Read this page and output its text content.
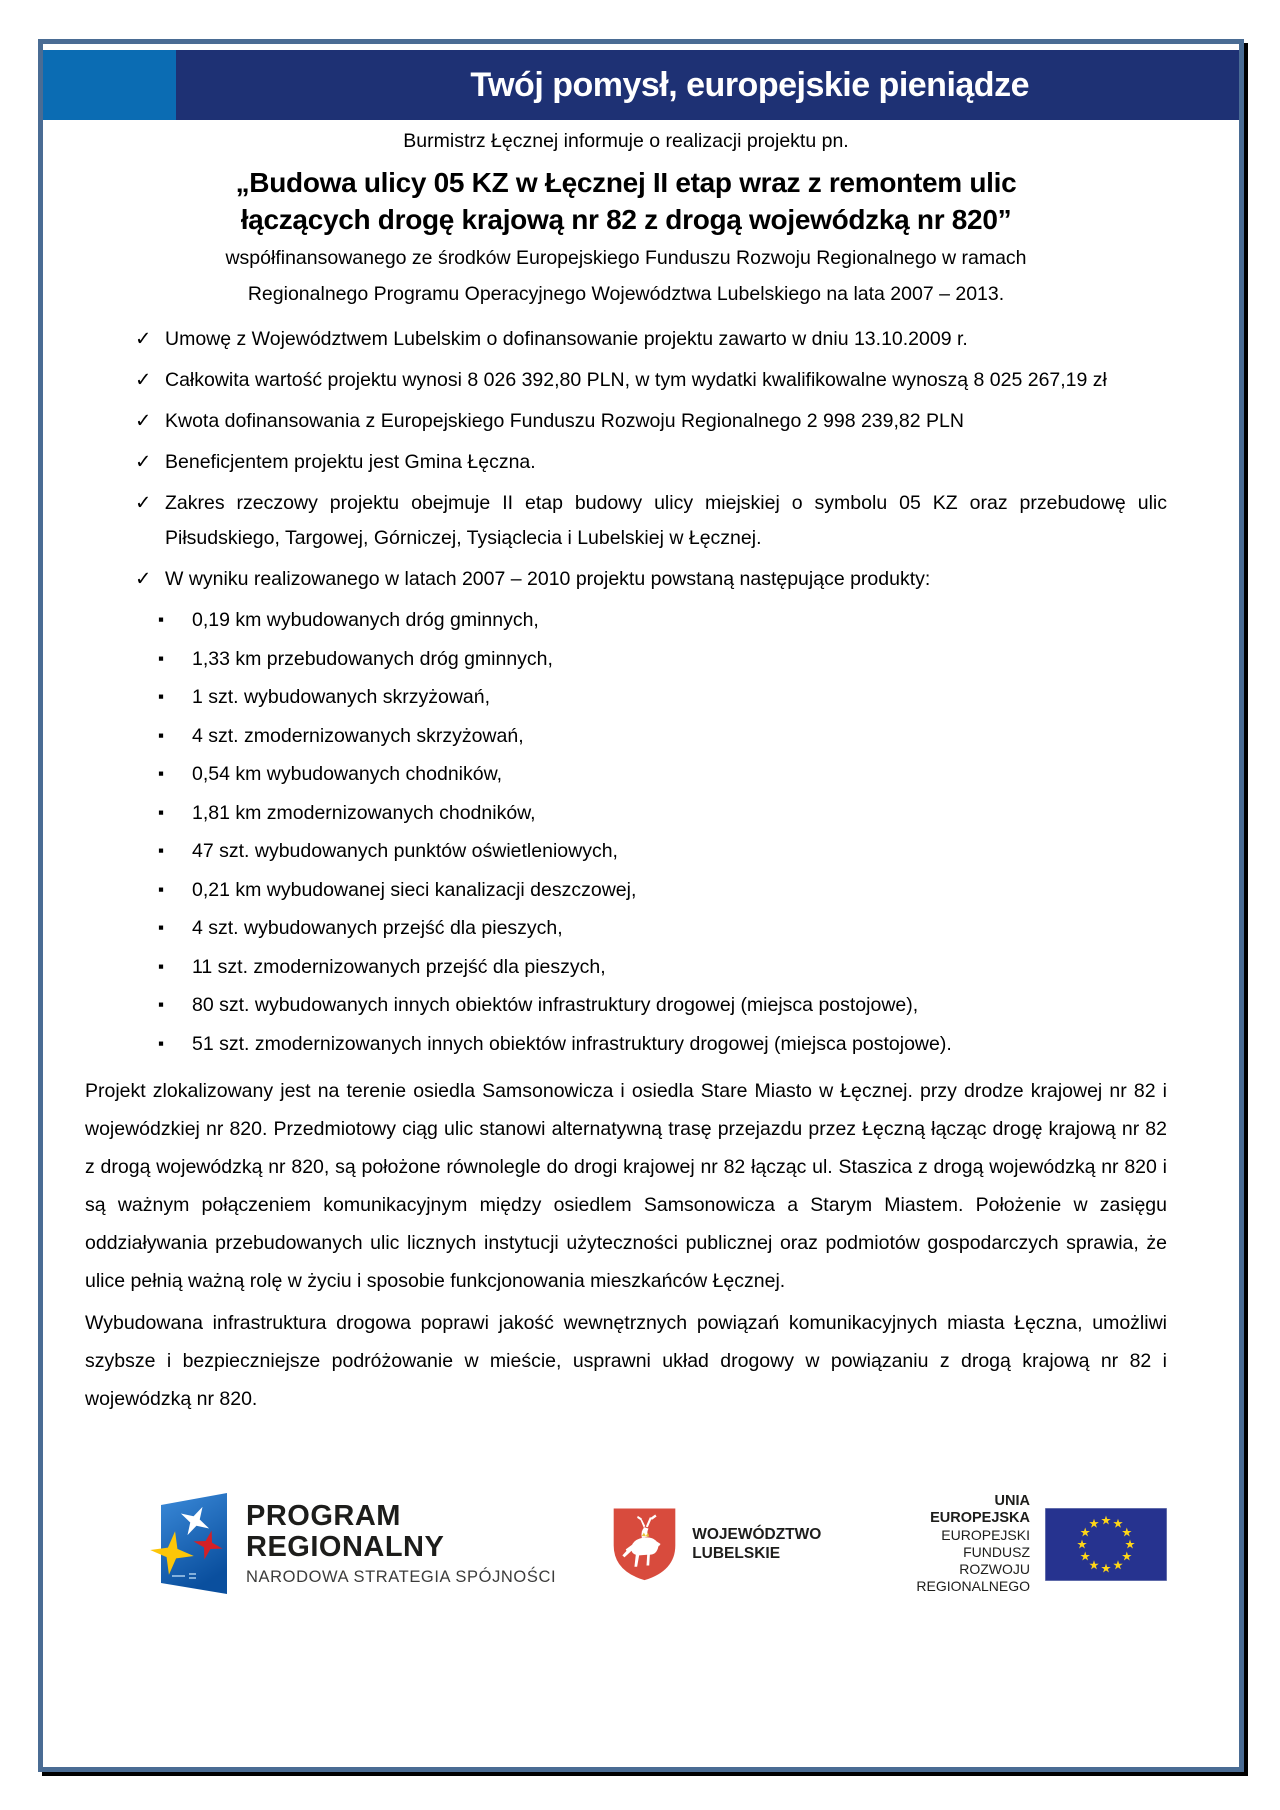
Twój pomysł, europejskie pieniądze
Burmistrz Łęcznej informuje o realizacji projektu pn.
„Budowa ulicy 05 KZ w Łęcznej II etap wraz z remontem ulic
łączących drogę krajową nr 82 z drogą wojewódzką nr 820”
współfinansowanego ze środków Europejskiego Funduszu Rozwoju Regionalnego w ramach
Regionalnego Programu Operacyjnego Województwa Lubelskiego na lata 2007 – 2013.
✓ Umowę z Województwem Lubelskim o dofinansowanie projektu zawarto w dniu 13.10.2009 r.
✓ Całkowita wartość projektu wynosi 8 026 392,80 PLN, w tym wydatki kwalifikowalne wynoszą 8 025 267,19 zł
✓ Kwota dofinansowania z Europejskiego Funduszu Rozwoju Regionalnego 2 998 239,82 PLN
✓ Beneficjentem projektu jest Gmina Łęczna.
✓ Zakres rzeczowy projektu obejmuje II etap budowy ulicy miejskiej o symbolu 05 KZ oraz przebudowę ulic Piłsudskiego, Targowej, Górniczej, Tysiąclecia i Lubelskiej w Łęcznej.
✓ W wyniku realizowanego w latach 2007 – 2010 projektu powstaną następujące produkty:
▪ 0,19 km wybudowanych dróg gminnych,
▪ 1,33 km przebudowanych dróg gminnych,
▪ 1 szt. wybudowanych skrzyżowań,
▪ 4 szt. zmodernizowanych skrzyżowań,
▪ 0,54 km wybudowanych chodników,
▪ 1,81 km zmodernizowanych chodników,
▪ 47 szt. wybudowanych punktów oświetleniowych,
▪ 0,21 km wybudowanej sieci kanalizacji deszczowej,
▪ 4 szt. wybudowanych przejść dla pieszych,
▪ 11 szt. zmodernizowanych przejść dla pieszych,
▪ 80 szt. wybudowanych innych obiektów infrastruktury drogowej (miejsca postojowe),
▪ 51 szt. zmodernizowanych innych obiektów infrastruktury drogowej (miejsca postojowe).

Projekt zlokalizowany jest na terenie osiedla Samsonowicza i osiedla Stare Miasto w Łęcznej. przy drodze krajowej nr 82 i wojewódzkiej nr 820. Przedmiotowy ciąg ulic stanowi alternatywną trasę przejazdu przez Łęczną łącząc drogę krajową nr 82 z drogą wojewódzką nr 820, są położone równolegle do drogi krajowej nr 82 łącząc ul. Staszica z drogą wojewódzką nr 820 i są ważnym połączeniem komunikacyjnym między osiedlem Samsonowicza a Starym Miastem. Położenie w zasięgu oddziaływania przebudowanych ulic licznych instytucji użyteczności publicznej oraz podmiotów gospodarczych sprawia, że ulice pełnią ważną rolę w życiu i sposobie funkcjonowania mieszkańców Łęcznej.

Wybudowana infrastruktura drogowa poprawi jakość wewnętrznych powiązań komunikacyjnych miasta Łęczna, umożliwi szybsze i bezpieczniejsze podróżowanie w mieście, usprawni układ drogowy w powiązaniu z drogą krajową nr 82 i wojewódzką nr 820.

PROGRAM
REGIONALNY
NARODOWA STRATEGIA SPÓJNOŚCI
WOJEWÓDZTWO
LUBELSKIE
UNIA EUROPEJSKA
EUROPEJSKI FUNDUSZ
ROZWOJU REGIONALNEGO
